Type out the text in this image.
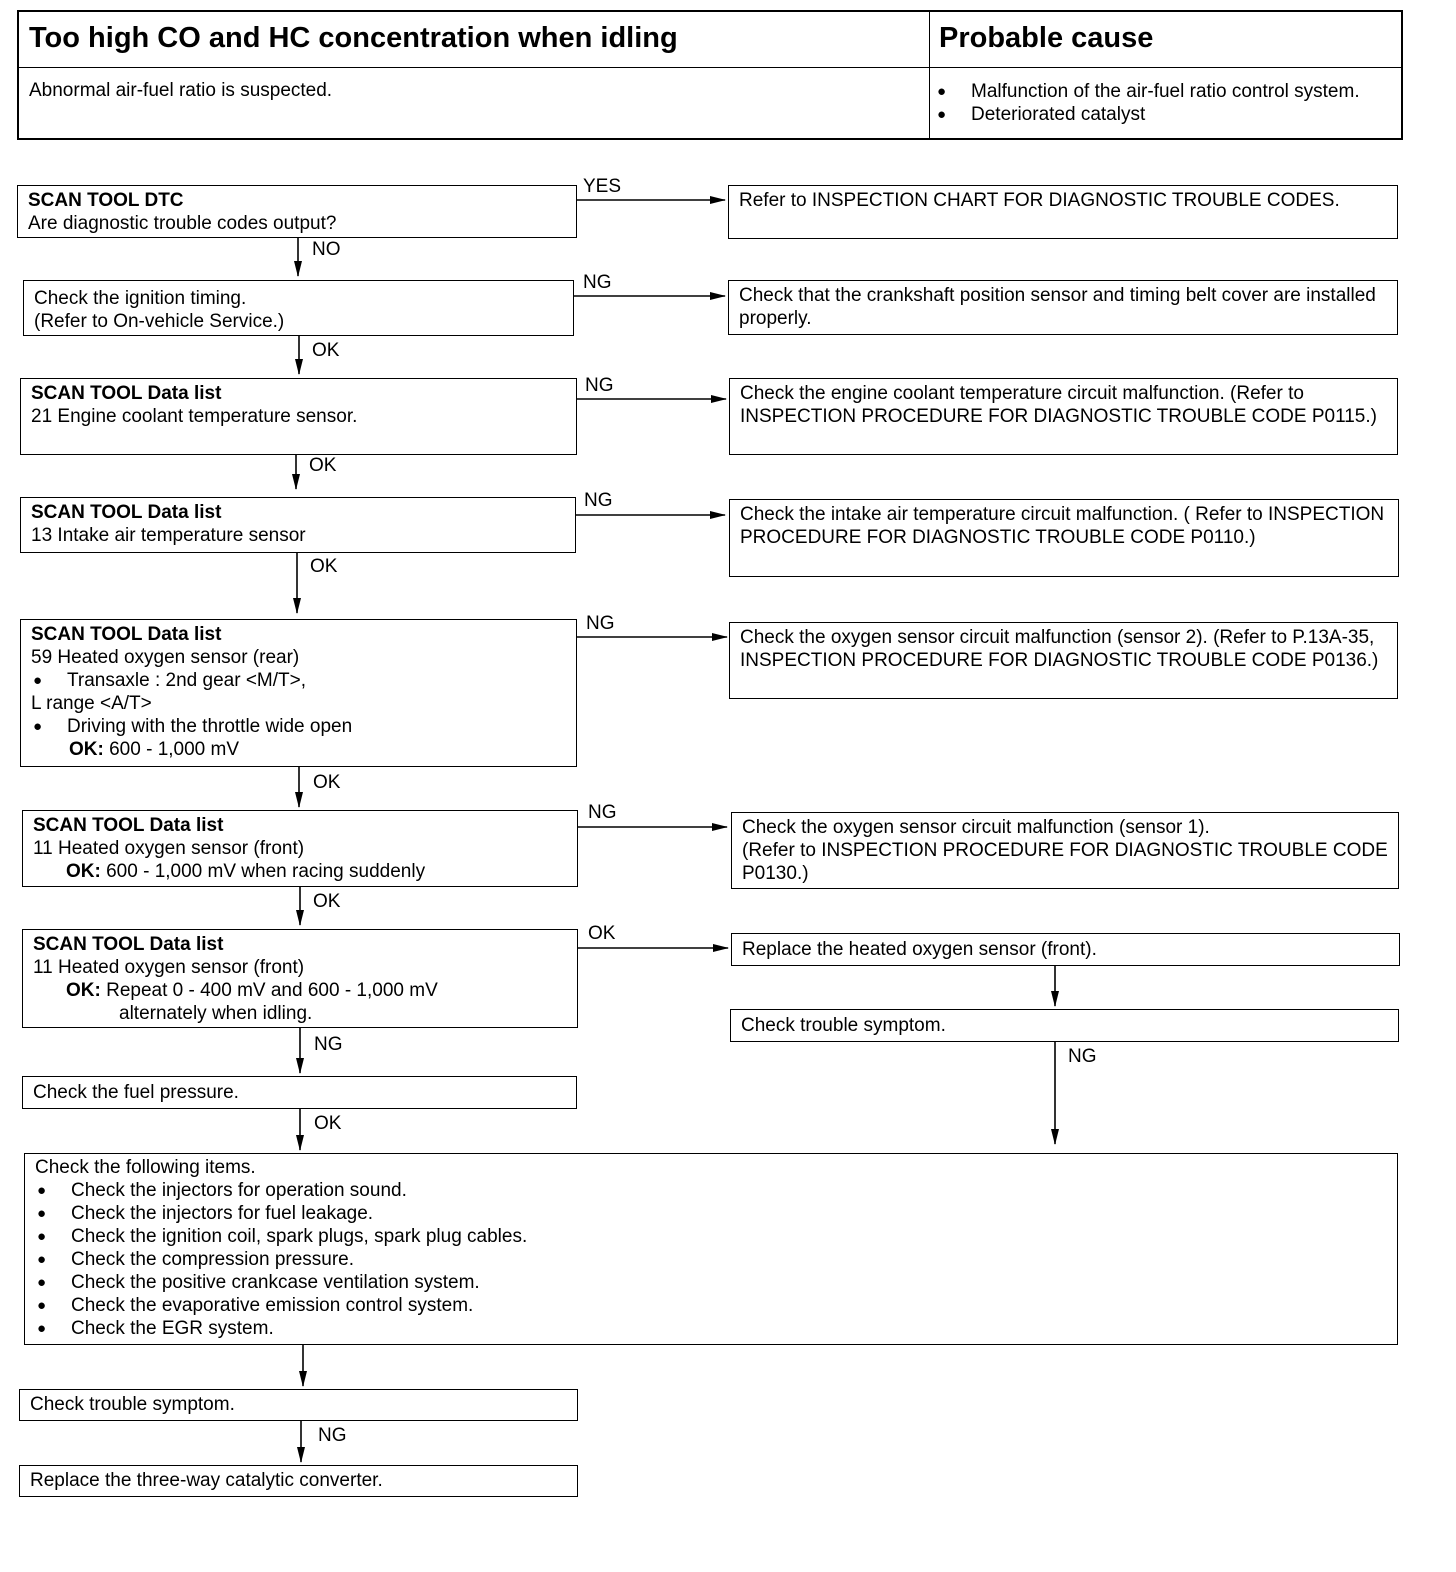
Too high CO and HC concentration when idling
Abnormal air-fuel ratio is suspected.
Probable cause
● Malfunction of the air-fuel ratio control system.
● Deteriorated catalyst
YES
NO
NG
OK
NG
OK
NG
OK
NG
OK
NG
OK
OK
NG
NG
OK
NG
SCAN TOOL DTC
Are diagnostic trouble codes output?
Check the ignition timing.
(Refer to On-vehicle Service.)
SCAN TOOL Data list
21 Engine coolant temperature sensor.
SCAN TOOL Data list
13 Intake air temperature sensor
SCAN TOOL Data list
59 Heated oxygen sensor (rear)
● Transaxle : 2nd gear <M/T>,
L range <A/T>
● Driving with the throttle wide open
OK: 600 - 1,000 mV
SCAN TOOL Data list
11 Heated oxygen sensor (front)
OK: 600 - 1,000 mV when racing suddenly
SCAN TOOL Data list
11 Heated oxygen sensor (front)
OK: Repeat 0 - 400 mV and 600 - 1,000 mV
alternately when idling.
Check the fuel pressure.
Check the following items.
● Check the injectors for operation sound.
● Check the injectors for fuel leakage.
● Check the ignition coil, spark plugs, spark plug cables.
● Check the compression pressure.
● Check the positive crankcase ventilation system.
● Check the evaporative emission control system.
● Check the EGR system.
Check trouble symptom.
Replace the three-way catalytic converter.
Refer to INSPECTION CHART FOR DIAGNOSTIC TROUBLE CODES.
Check that the crankshaft position sensor and timing belt cover are installed properly.
Check the engine coolant temperature circuit malfunction. (Refer to INSPECTION PROCEDURE FOR DIAGNOSTIC TROUBLE CODE P0115.)
Check the intake air temperature circuit malfunction. ( Refer to INSPECTION PROCEDURE FOR DIAGNOSTIC TROUBLE CODE P0110.)
Check the oxygen sensor circuit malfunction (sensor 2). (Refer to P.13A-35, INSPECTION PROCEDURE FOR DIAGNOSTIC TROUBLE CODE P0136.)
Check the oxygen sensor circuit malfunction (sensor 1).
(Refer to INSPECTION PROCEDURE FOR DIAGNOSTIC TROUBLE CODE P0130.)
Replace the heated oxygen sensor (front).
Check trouble symptom.
